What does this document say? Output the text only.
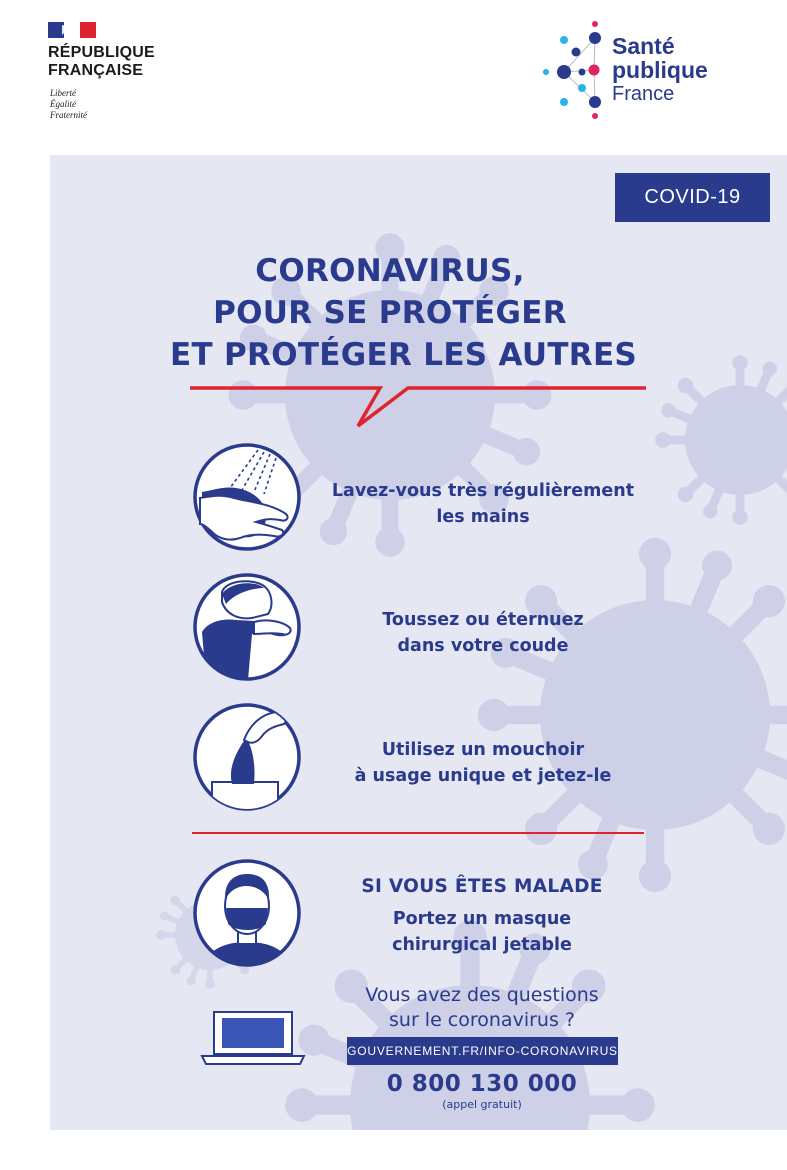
RÉPUBLIQUE
FRANÇAISE
Liberté
Égalité
Fraternité
Santé
publique
France
COVID-19
CORONAVIRUS,
POUR SE PROTÉGER
ET PROTÉGER LES AUTRES
Lavez-vous très régulièrement
les mains
Toussez ou éternuez
dans votre coude
Utilisez un mouchoir
à usage unique et jetez-le
SI VOUS ÊTES MALADE
Portez un masque
chirurgical jetable
Vous avez des questions
sur le coronavirus ?
GOUVERNEMENT.FR/INFO-CORONAVIRUS
0 800 130 000
(appel gratuit)
